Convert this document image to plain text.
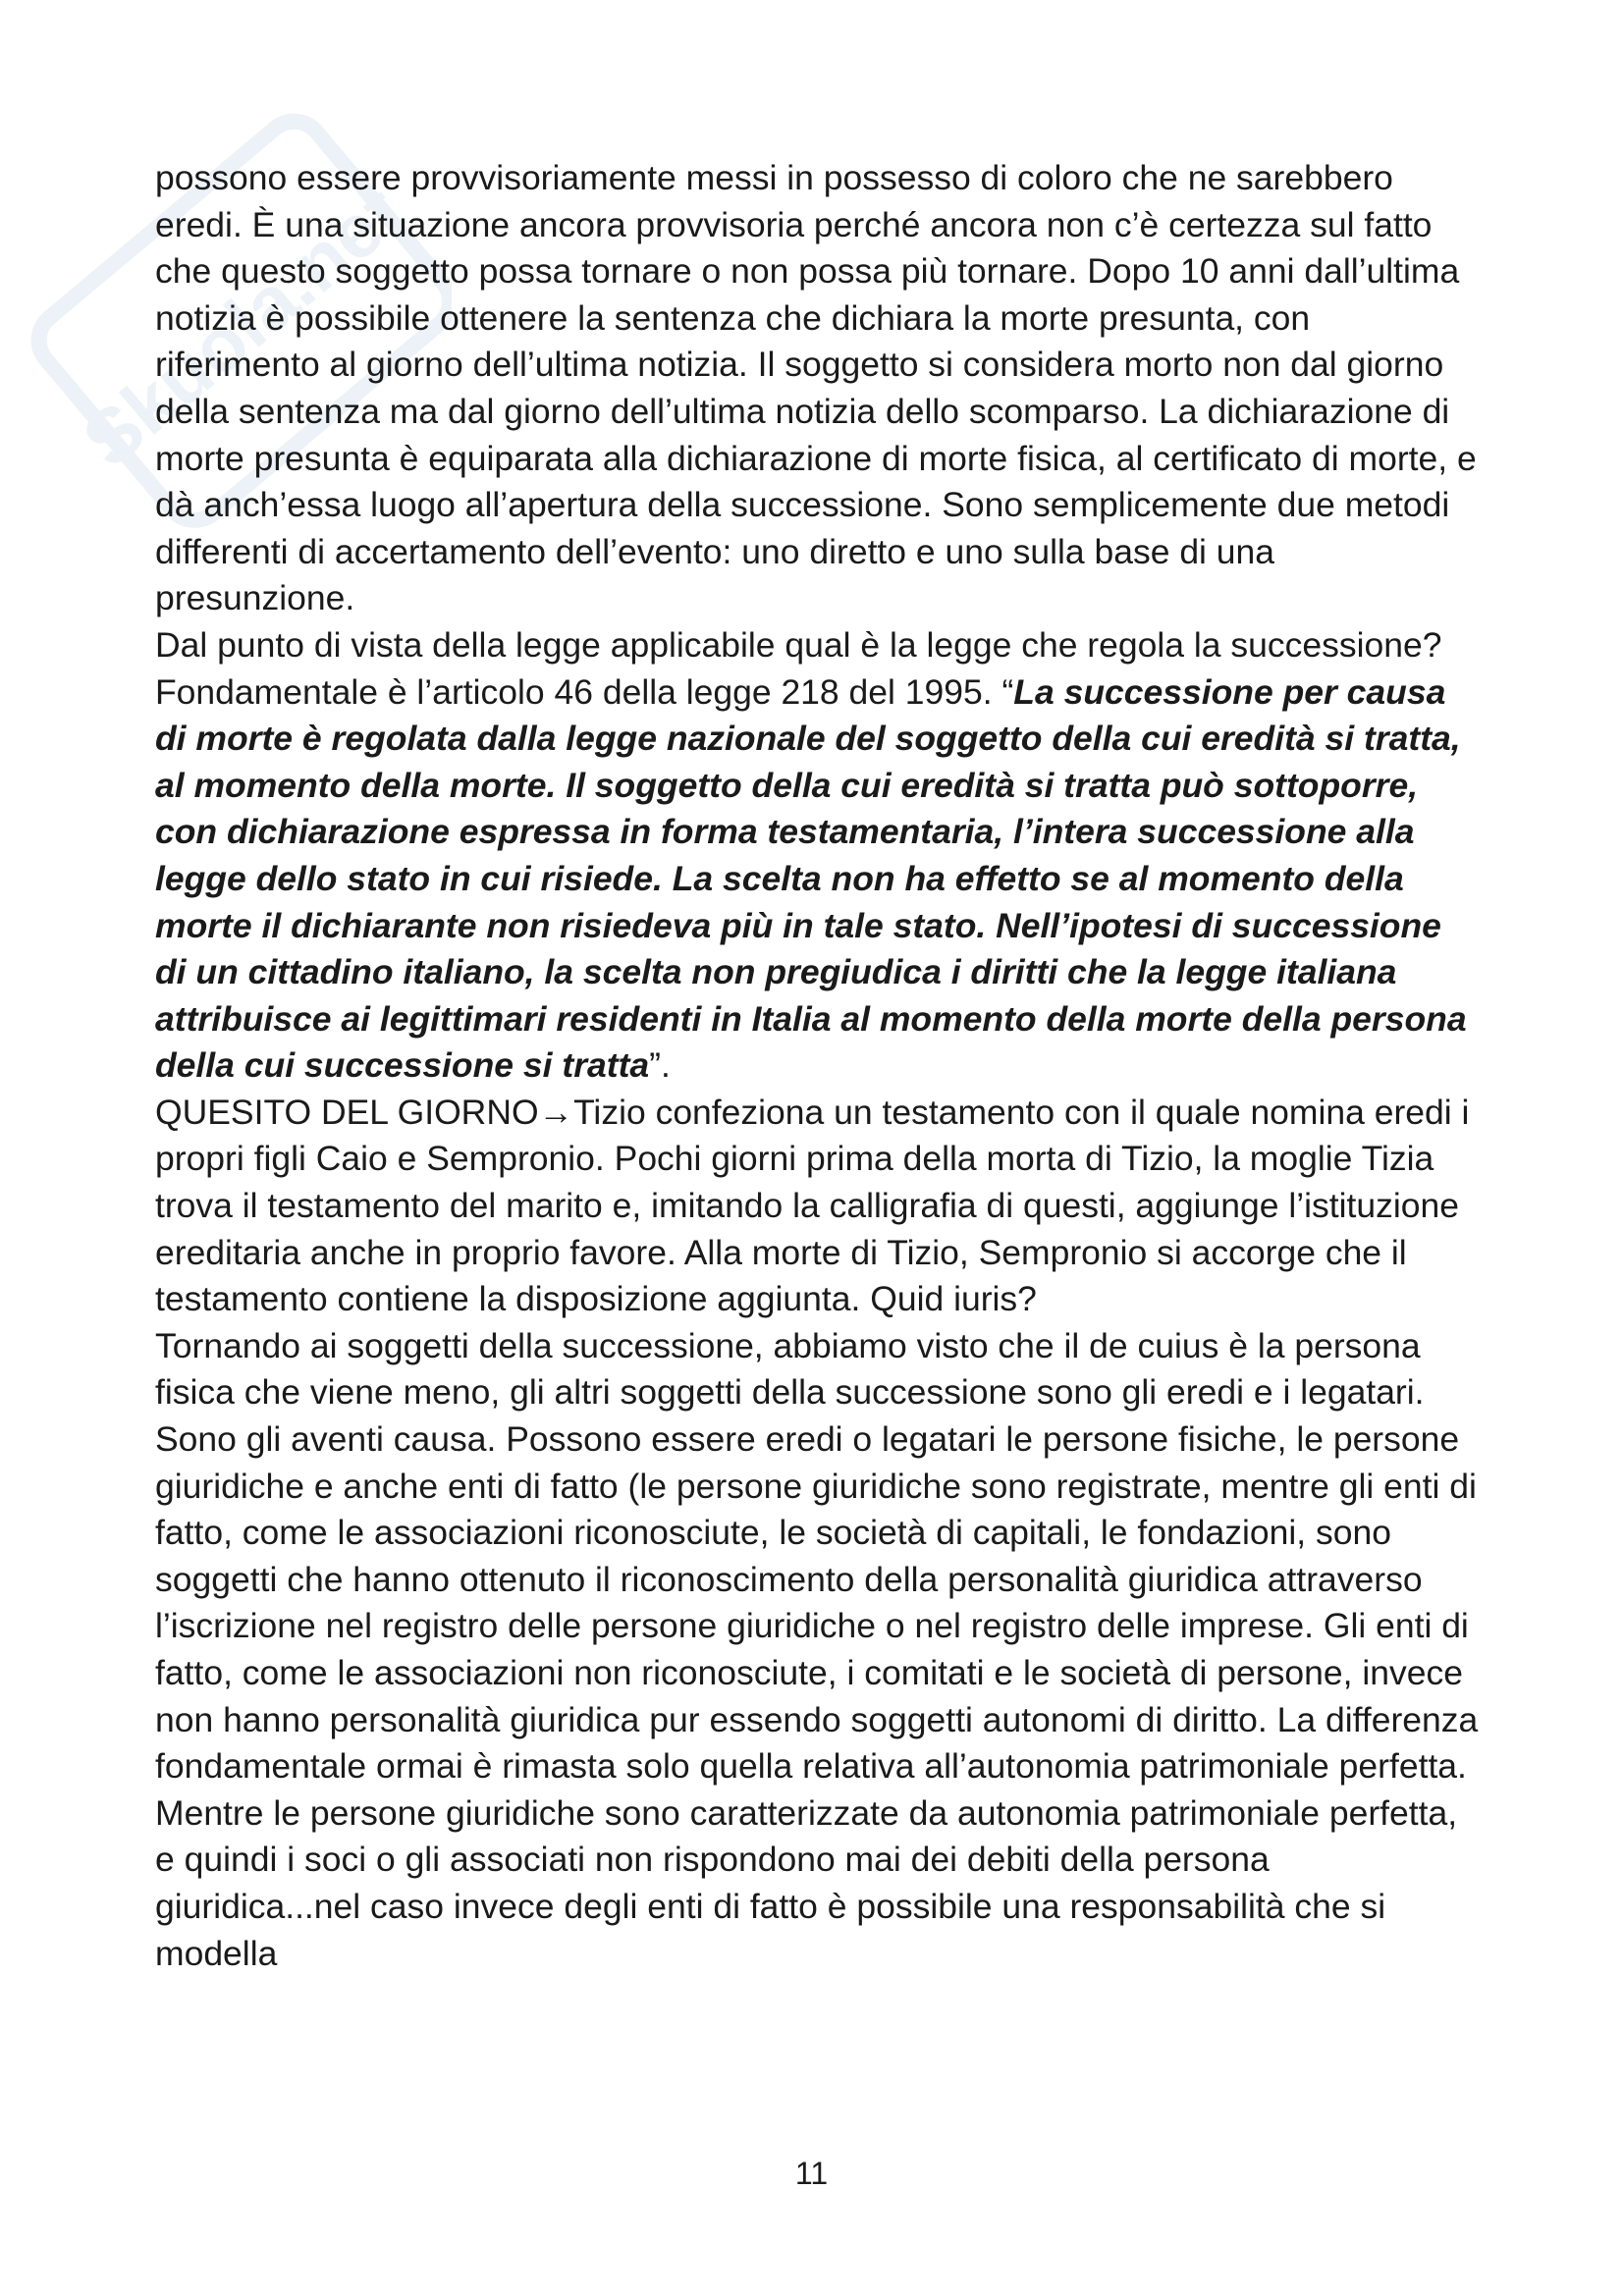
Skuola.net

possono essere provvisoriamente messi in possesso di coloro che ne sarebbero eredi. È una situazione ancora provvisoria perché ancora non c’è certezza sul fatto che questo soggetto possa tornare o non possa più tornare. Dopo 10 anni dall’ultima notizia è possibile ottenere la sentenza che dichiara la morte presunta, con riferimento al giorno dell’ultima notizia. Il soggetto si considera morto non dal giorno della sentenza ma dal giorno dell’ultima notizia dello scomparso. La dichiarazione di morte presunta è equiparata alla dichiarazione di morte fisica, al certificato di morte, e dà anch’essa luogo all’apertura della successione. Sono semplicemente due metodi differenti di accertamento dell’evento: uno diretto e uno sulla base di una presunzione.

Dal punto di vista della legge applicabile qual è la legge che regola la successione? Fondamentale è l’articolo 46 della legge 218 del 1995. “La successione per causa di morte è regolata dalla legge nazionale del soggetto della cui eredità si tratta, al momento della morte. Il soggetto della cui eredità si tratta può sottoporre, con dichiarazione espressa in forma testamentaria, l’intera successione alla legge dello stato in cui risiede. La scelta non ha effetto se al momento della morte il dichiarante non risiedeva più in tale stato. Nell’ipotesi di successione di un cittadino italiano, la scelta non pregiudica i diritti che la legge italiana attribuisce ai legittimari residenti in Italia al momento della morte della persona della cui successione si tratta”.

QUESITO DEL GIORNO→Tizio confeziona un testamento con il quale nomina eredi i propri figli Caio e Sempronio. Pochi giorni prima della morta di Tizio, la moglie Tizia trova il testamento del marito e, imitando la calligrafia di questi, aggiunge l’istituzione ereditaria anche in proprio favore. Alla morte di Tizio, Sempronio si accorge che il testamento contiene la disposizione aggiunta. Quid iuris?

Tornando ai soggetti della successione, abbiamo visto che il de cuius è la persona fisica che viene meno, gli altri soggetti della successione sono gli eredi e i legatari. Sono gli aventi causa. Possono essere eredi o legatari le persone fisiche, le persone giuridiche e anche enti di fatto (le persone giuridiche sono registrate, mentre gli enti di fatto, come le associazioni riconosciute, le società di capitali, le fondazioni, sono soggetti che hanno ottenuto il riconoscimento della personalità giuridica attraverso l’iscrizione nel registro delle persone giuridiche o nel registro delle imprese. Gli enti di fatto, come le associazioni non riconosciute, i comitati e le società di persone, invece non hanno personalità giuridica pur essendo soggetti autonomi di diritto. La differenza fondamentale ormai è rimasta solo quella relativa all’autonomia patrimoniale perfetta. Mentre le persone giuridiche sono caratterizzate da autonomia patrimoniale perfetta, e quindi i soci o gli associati non rispondono mai dei debiti della persona giuridica...nel caso invece degli enti di fatto è possibile una responsabilità che si modella

11
